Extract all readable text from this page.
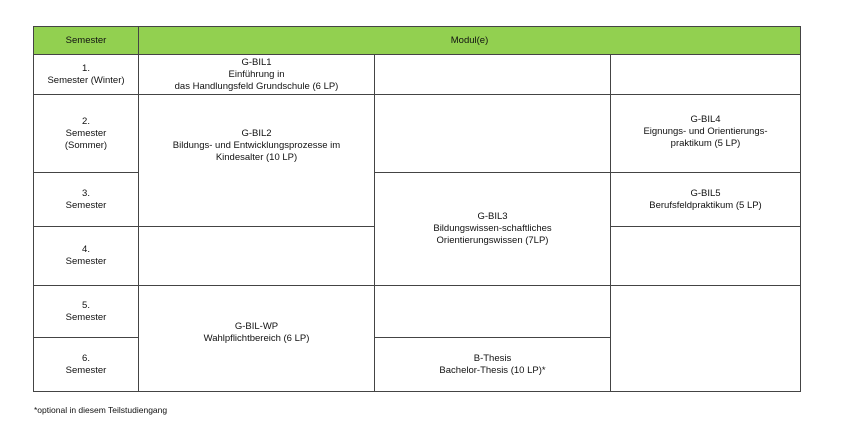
Semester	Modul(e)
1.
Semester (Winter)
2.
Semester
(Sommer)
3.
Semester
4.
Semester
5.
Semester
6.
Semester
G-BIL1
Einführung in
das Handlungsfeld Grundschule (6 LP)
G-BIL2
Bildungs- und Entwicklungsprozesse im
Kindesalter (10 LP)
G-BIL-WP
Wahlpflichtbereich (6 LP)
G-BIL3
Bildungswissen-schaftliches
Orientierungswissen (7LP)
B-Thesis
Bachelor-Thesis (10 LP)*
G-BIL4
Eignungs- und Orientierungs-
praktikum (5 LP)
G-BIL5
Berufsfeldpraktikum (5 LP)
*optional in diesem Teilstudiengang
